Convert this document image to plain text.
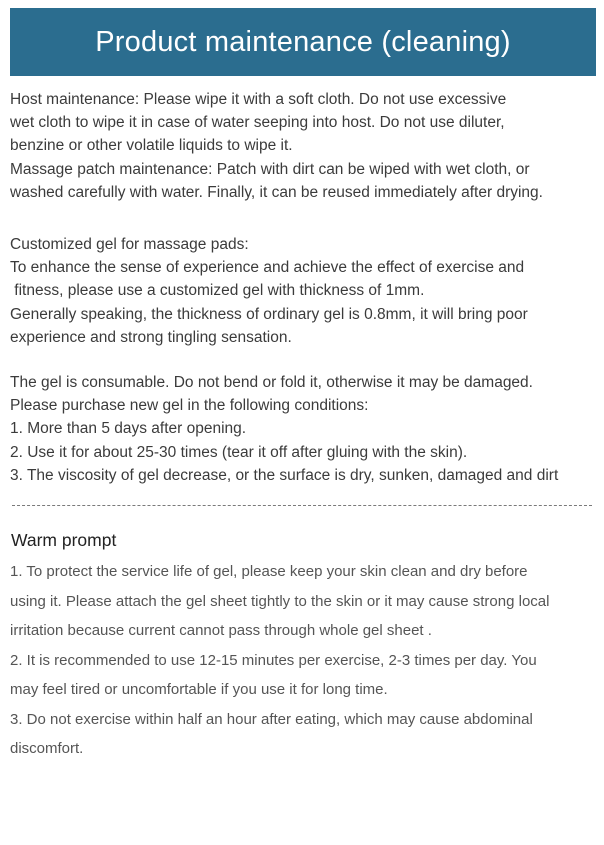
Product maintenance (cleaning)
Host maintenance: Please wipe it with a soft cloth. Do not use excessive
wet cloth to wipe it in case of water seeping into host. Do not use diluter,
benzine or other volatile liquids to wipe it.
Massage patch maintenance: Patch with dirt can be wiped with wet cloth, or
washed carefully with water. Finally, it can be reused immediately after drying.
Customized gel for massage pads:
To enhance the sense of experience and achieve the effect of exercise and
fitness, please use a customized gel with thickness of 1mm.
Generally speaking, the thickness of ordinary gel is 0.8mm, it will bring poor
experience and strong tingling sensation.
The gel is consumable. Do not bend or fold it, otherwise it may be damaged.
Please purchase new gel in the following conditions:
1. More than 5 days after opening.
2. Use it for about 25-30 times (tear it off after gluing with the skin).
3. The viscosity of gel decrease, or the surface is dry, sunken, damaged and dirt
Warm prompt
1. To protect the service life of gel, please keep your skin clean and dry before
using it. Please attach the gel sheet tightly to the skin or it may cause strong local
irritation because current cannot pass through whole gel sheet .
2. It is recommended to use 12-15 minutes per exercise, 2-3 times per day. You
may feel tired or uncomfortable if you use it for long time.
3. Do not exercise within half an hour after eating, which may cause abdominal
discomfort.
